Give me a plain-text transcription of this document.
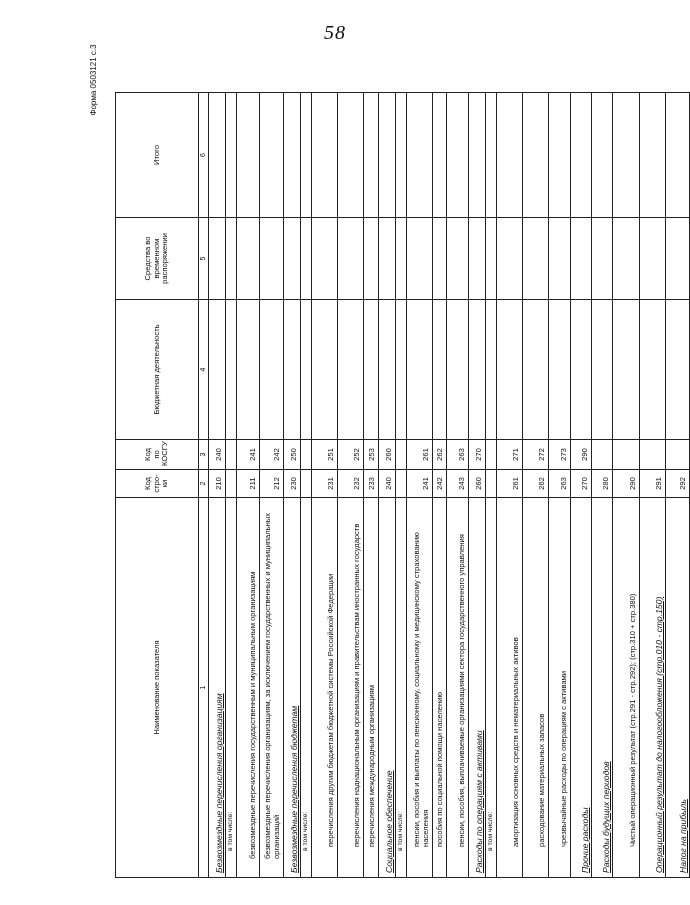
58
Форма 0503121 с.3
Наименование показателя	Код стро-ки	Код по КОСГУ	Бюджетная деятельность	Средства во временном распоряжении	Итого
1	2	3	4	5	6
Безвозмездные перечисления организациям	210	240			
в том числе:					
безвозмездные перечисления государственным и муниципальным организациям	211	241			
безвозмездные перечисления организациям, за исключением государственных и муниципальных организаций	212	242			
Безвозмездные перечисления бюджетам	230	250			
в том числе:					
перечисления другим бюджетам бюджетной системы Российской Федерации	231	251			
перечисления наднациональным организациям и правительствам иностранных государств	232	252			
перечисления международным организациям	233	253			
Социальное обеспечение	240	260			
в том числе:					
пенсии, пособия и выплаты по пенсионному, социальному и медицинскому страхованию населения	241	261			
пособия по социальной помощи населению	242	262			
пенсии, пособия, выплачиваемые организациями сектора государственного управления	243	263			
Расходы по операциям с активами	260	270			
в том числе:					
амортизация основных средств и нематериальных активов	261	271			
расходование материальных запасов	262	272			
чрезвычайные расходы по операциям с активами	263	273			
Прочие расходы	270	290			
Расходы будущих периодов	280				
Чистый операционный результат (стр.291 - стр.292); (стр.310 + стр.380)	290				
Операционный результат до налогообложения (стр.010 - стр.150)	291				
Налог на прибыль	292				
